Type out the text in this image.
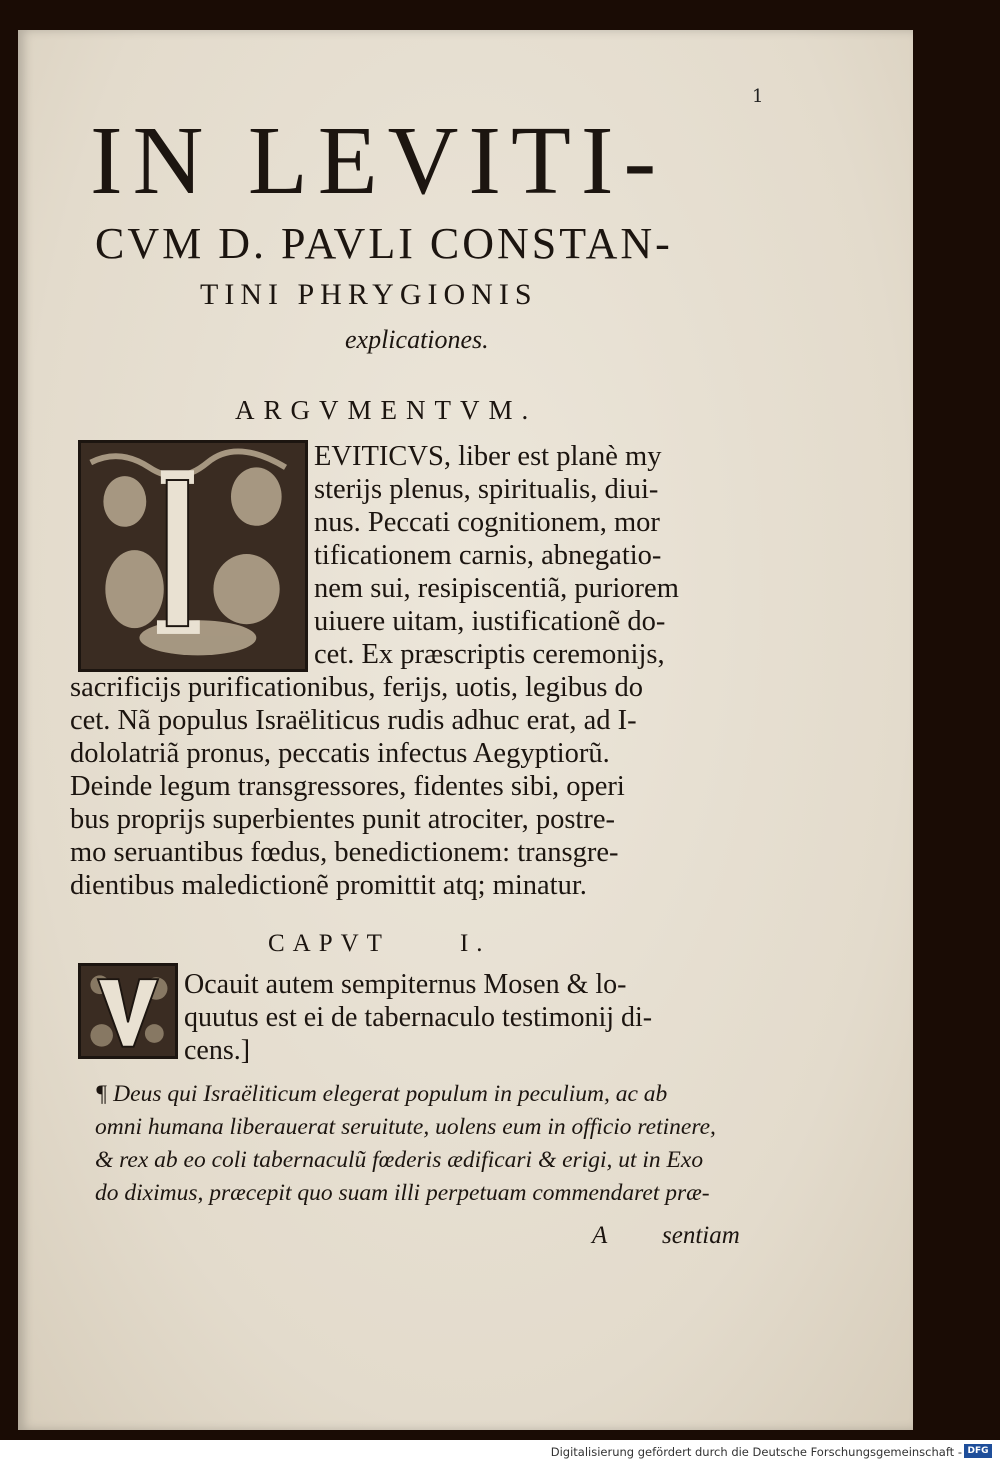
1
IN LEVITI-
CVM D. PAVLI CONSTAN-
TINI PHRYGIONIS
explicationes.
ARGVMENTVM.
EVITICVS, liber est planè my
sterijs plenus, spiritualis, diui-
nus. Peccati cognitionem, mor
tificationem carnis, abnegatio-
nem sui, resipiscentiã, puriorem
uiuere uitam, iustificationẽ do-
cet. Ex præscriptis ceremonijs,
sacrificijs purificationibus, ferijs, uotis, legibus do
cet. Nã populus Israëliticus rudis adhuc erat, ad I-
dololatriã pronus, peccatis infectus Aegyptiorũ.
Deinde legum transgressores, fidentes sibi, operi
bus proprijs superbientes punit atrociter, postre-
mo seruantibus fœdus, benedictionem: transgre-
dientibus maledictionẽ promittit atq; minatur.
CAPVT	I.
Ocauit autem sempiternus Mosen & lo-
quutus est ei de tabernaculo testimonij di-
cens.]
¶ Deus qui Israëliticum elegerat populum in peculium, ac ab
omni humana liberauerat seruitute, uolens eum in officio retinere,
& rex ab eo coli tabernaculũ fœderis ædificari & erigi, ut in Exo
do diximus, præcepit quo suam illi perpetuam commendaret præ-
A sentiam
Digitalisierung gefördert durch die Deutsche Forschungsgemeinschaft - DFG
